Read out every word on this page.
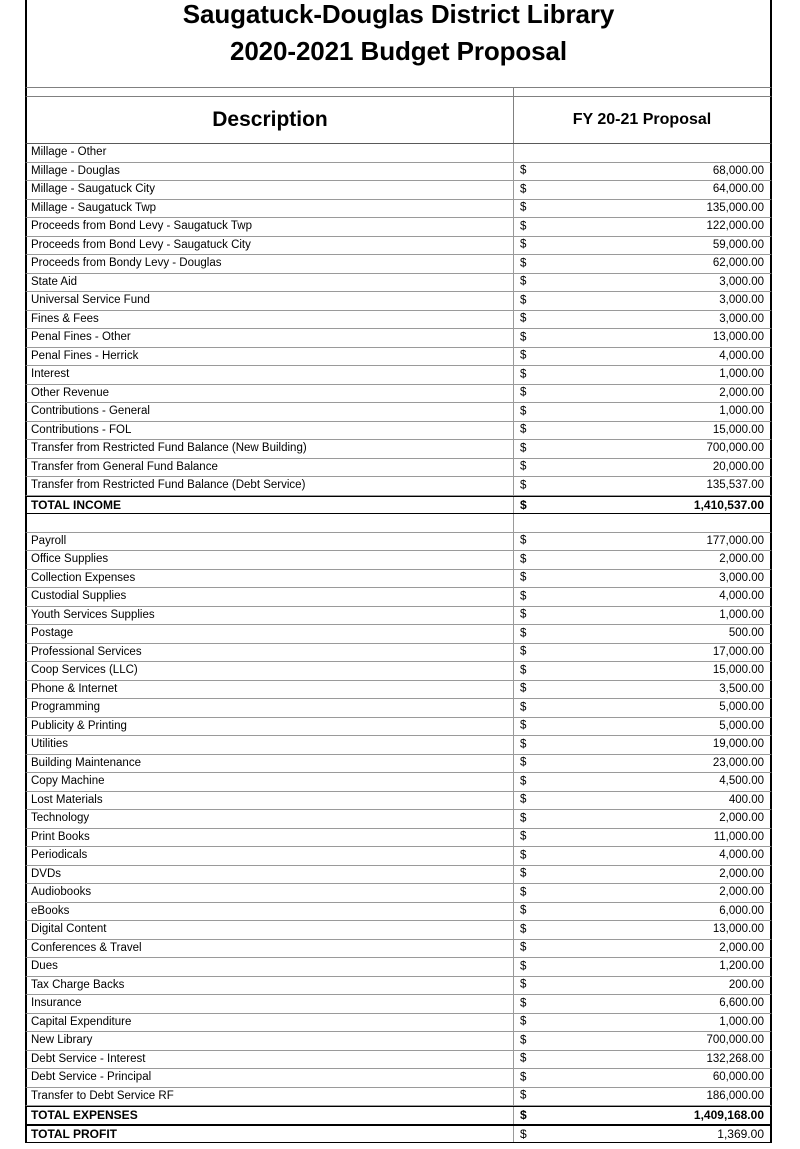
Saugatuck-Douglas District Library
2020-2021 Budget Proposal
Description	FY 20-21 Proposal
Millage - Other
Millage - Douglas	$	68,000.00
Millage - Saugatuck City	$	64,000.00
Millage - Saugatuck Twp	$	135,000.00
Proceeds from Bond Levy - Saugatuck Twp	$	122,000.00
Proceeds from Bond Levy - Saugatuck City	$	59,000.00
Proceeds from Bondy Levy - Douglas	$	62,000.00
State Aid	$	3,000.00
Universal Service Fund	$	3,000.00
Fines & Fees	$	3,000.00
Penal Fines - Other	$	13,000.00
Penal Fines - Herrick	$	4,000.00
Interest	$	1,000.00
Other Revenue	$	2,000.00
Contributions - General	$	1,000.00
Contributions - FOL	$	15,000.00
Transfer from Restricted Fund Balance (New Building)	$	700,000.00
Transfer from General Fund Balance	$	20,000.00
Transfer from Restricted Fund Balance (Debt Service)	$	135,537.00
TOTAL INCOME	$	1,410,537.00
Payroll	$	177,000.00
Office Supplies	$	2,000.00
Collection Expenses	$	3,000.00
Custodial Supplies	$	4,000.00
Youth Services Supplies	$	1,000.00
Postage	$	500.00
Professional Services	$	17,000.00
Coop Services (LLC)	$	15,000.00
Phone & Internet	$	3,500.00
Programming	$	5,000.00
Publicity & Printing	$	5,000.00
Utilities	$	19,000.00
Building Maintenance	$	23,000.00
Copy Machine	$	4,500.00
Lost Materials	$	400.00
Technology	$	2,000.00
Print Books	$	11,000.00
Periodicals	$	4,000.00
DVDs	$	2,000.00
Audiobooks	$	2,000.00
eBooks	$	6,000.00
Digital Content	$	13,000.00
Conferences & Travel	$	2,000.00
Dues	$	1,200.00
Tax Charge Backs	$	200.00
Insurance	$	6,600.00
Capital Expenditure	$	1,000.00
New Library	$	700,000.00
Debt Service - Interest	$	132,268.00
Debt Service - Principal	$	60,000.00
Transfer to Debt Service RF	$	186,000.00
TOTAL EXPENSES	$	1,409,168.00
TOTAL PROFIT	$	1,369.00
